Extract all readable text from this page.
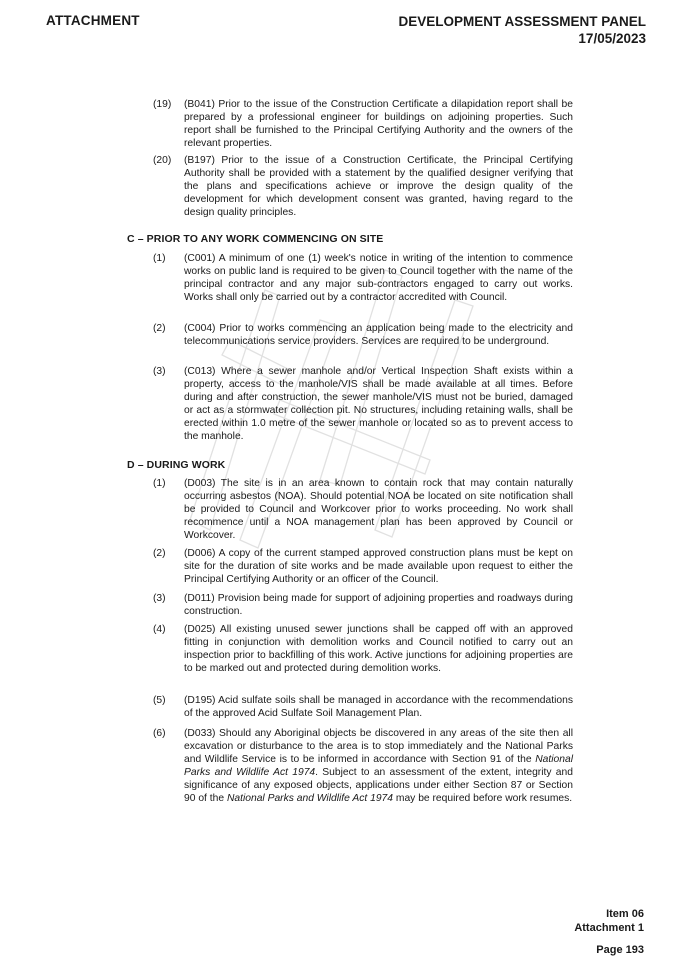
ATTACHMENT	DEVELOPMENT ASSESSMENT PANEL
17/05/2023
(19) (B041) Prior to the issue of the Construction Certificate a dilapidation report shall be prepared by a professional engineer for buildings on adjoining properties. Such report shall be furnished to the Principal Certifying Authority and the owners of the relevant properties.
(20) (B197) Prior to the issue of a Construction Certificate, the Principal Certifying Authority shall be provided with a statement by the qualified designer verifying that the plans and specifications achieve or improve the design quality of the development for which development consent was granted, having regard to the design quality principles.
C – PRIOR TO ANY WORK COMMENCING ON SITE
(1) (C001) A minimum of one (1) week's notice in writing of the intention to commence works on public land is required to be given to Council together with the name of the principal contractor and any major sub-contractors engaged to carry out works. Works shall only be carried out by a contractor accredited with Council.
(2) (C004) Prior to works commencing an application being made to the electricity and telecommunications service providers. Services are required to be underground.
(3) (C013) Where a sewer manhole and/or Vertical Inspection Shaft exists within a property, access to the manhole/VIS shall be made available at all times. Before during and after construction, the sewer manhole/VIS must not be buried, damaged or act as a stormwater collection pit. No structures, including retaining walls, shall be erected within 1.0 metre of the sewer manhole or located so as to prevent access to the manhole.
D – DURING WORK
(1) (D003) The site is in an area known to contain rock that may contain naturally occurring asbestos (NOA). Should potential NOA be located on site notification shall be provided to Council and Workcover prior to works proceeding. No work shall recommence until a NOA management plan has been approved by Council or Workcover.
(2) (D006) A copy of the current stamped approved construction plans must be kept on site for the duration of site works and be made available upon request to either the Principal Certifying Authority or an officer of the Council.
(3) (D011) Provision being made for support of adjoining properties and roadways during construction.
(4) (D025) All existing unused sewer junctions shall be capped off with an approved fitting in conjunction with demolition works and Council notified to carry out an inspection prior to backfilling of this work. Active junctions for adjoining properties are to be marked out and protected during demolition works.
(5) (D195) Acid sulfate soils shall be managed in accordance with the recommendations of the approved Acid Sulfate Soil Management Plan.
(6) (D033) Should any Aboriginal objects be discovered in any areas of the site then all excavation or disturbance to the area is to stop immediately and the National Parks and Wildlife Service is to be informed in accordance with Section 91 of the National Parks and Wildlife Act 1974. Subject to an assessment of the extent, integrity and significance of any exposed objects, applications under either Section 87 or Section 90 of the National Parks and Wildlife Act 1974 may be required before work resumes.
Item 06
Attachment 1
Page 193
